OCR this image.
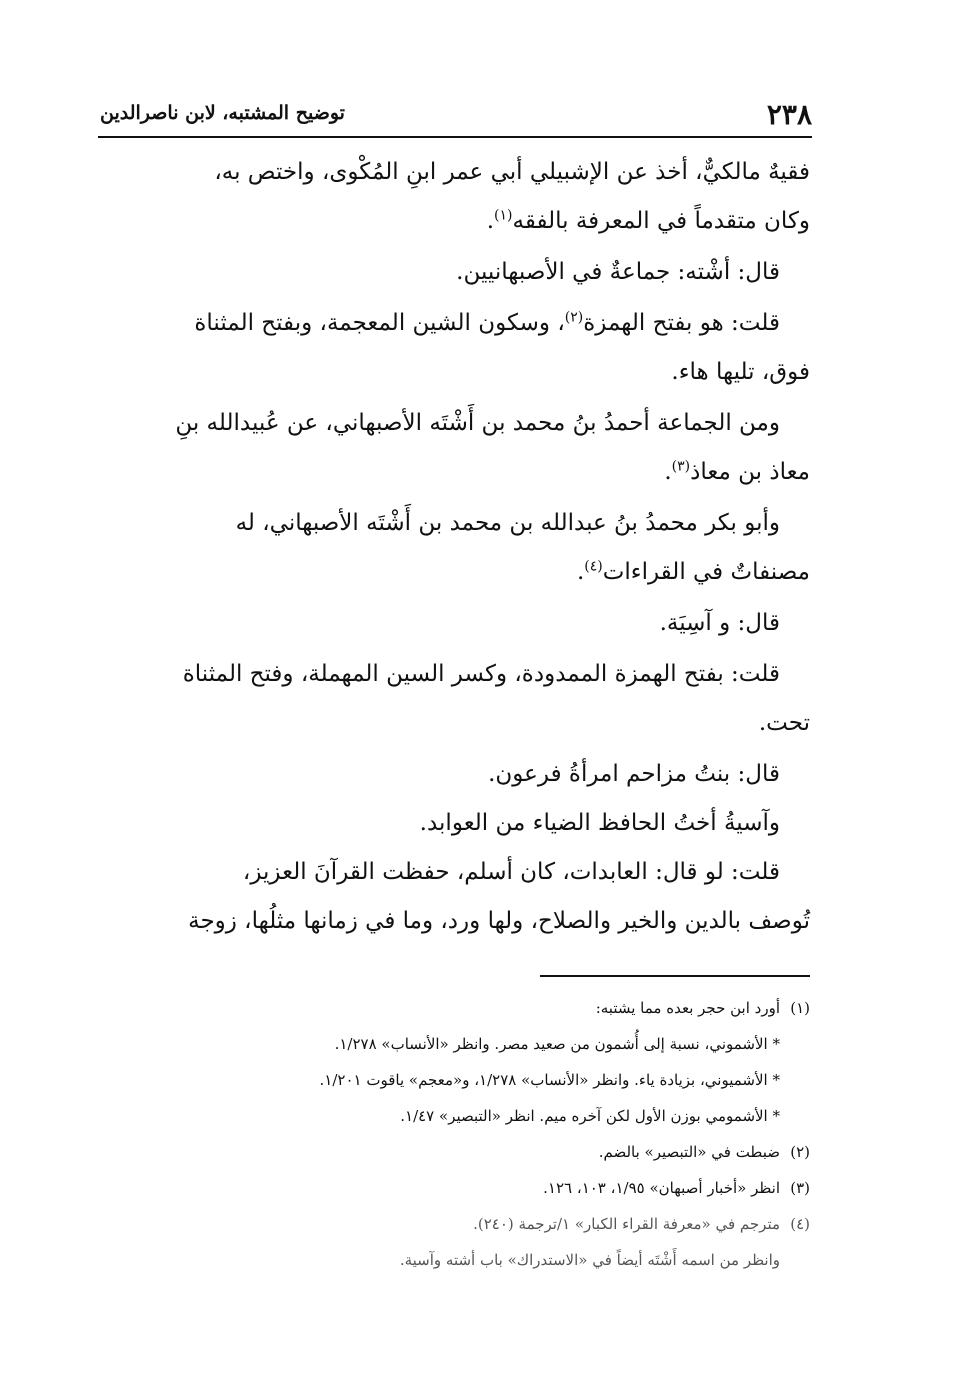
٢٣٨
توضيح المشتبه، لابن ناصرالدين

فقيهٌ مالكيٌّ، أخذ عن الإشبيلي أبي عمر ابنِ المُكْوى، واختص به،

وكان متقدماً في المعرفة بالفقه$^{(١)}$.

قال: أشْته: جماعةٌ في الأصبهانيين.

قلت: هو بفتح الهمزة$^{(٢)}$، وسكون الشين المعجمة، وبفتح المثناة

فوق، تليها هاء.

ومن الجماعة أحمدُ بنُ محمد بن أَشْتَه الأصبهاني، عن عُبيدالله بنِ

معاذ بن معاذ$^{(٣)}$.

وأبو بكر محمدُ بنُ عبدالله بن محمد بن أَشْتَه الأصبهاني، له

مصنفاتٌ في القراءات$^{(٤)}$.

قال: و آسِيَة.

قلت: بفتح الهمزة الممدودة، وكسر السين المهملة، وفتح المثناة

تحت.

قال: بنتُ مزاحم امرأةُ فرعون.

وآسيةُ أختُ الحافظ الضياء من العوابد.

قلت: لو قال: العابدات، كان أسلم، حفظت القرآنَ العزيز،

تُوصف بالدين والخير والصلاح، ولها ورد، وما في زمانها مثلُها، زوجة

(١)أورد ابن حجر بعده مما يشتبه:

* الأشموني، نسبة إلى أُشمون من صعيد مصر. وانظر «الأنساب» ١/٢٧٨.

* الأشميوني، بزيادة ياء. وانظر «الأنساب» ١/٢٧٨، و«معجم» ياقوت ١/٢٠١.

* الأشمومي بوزن الأول لكن آخره ميم. انظر «التبصير» ١/٤٧.

(٢)ضبطت في «التبصير» بالضم.

(٣)انظر «أخبار أصبهان» ١/٩٥، ١٠٣، ١٢٦.

(٤)مترجم في «معرفة القراء الكبار» ١/ترجمة (٢٤٠).

وانظر من اسمه أَشْتَه أيضاً في «الاستدراك» باب أشته وآسية.
